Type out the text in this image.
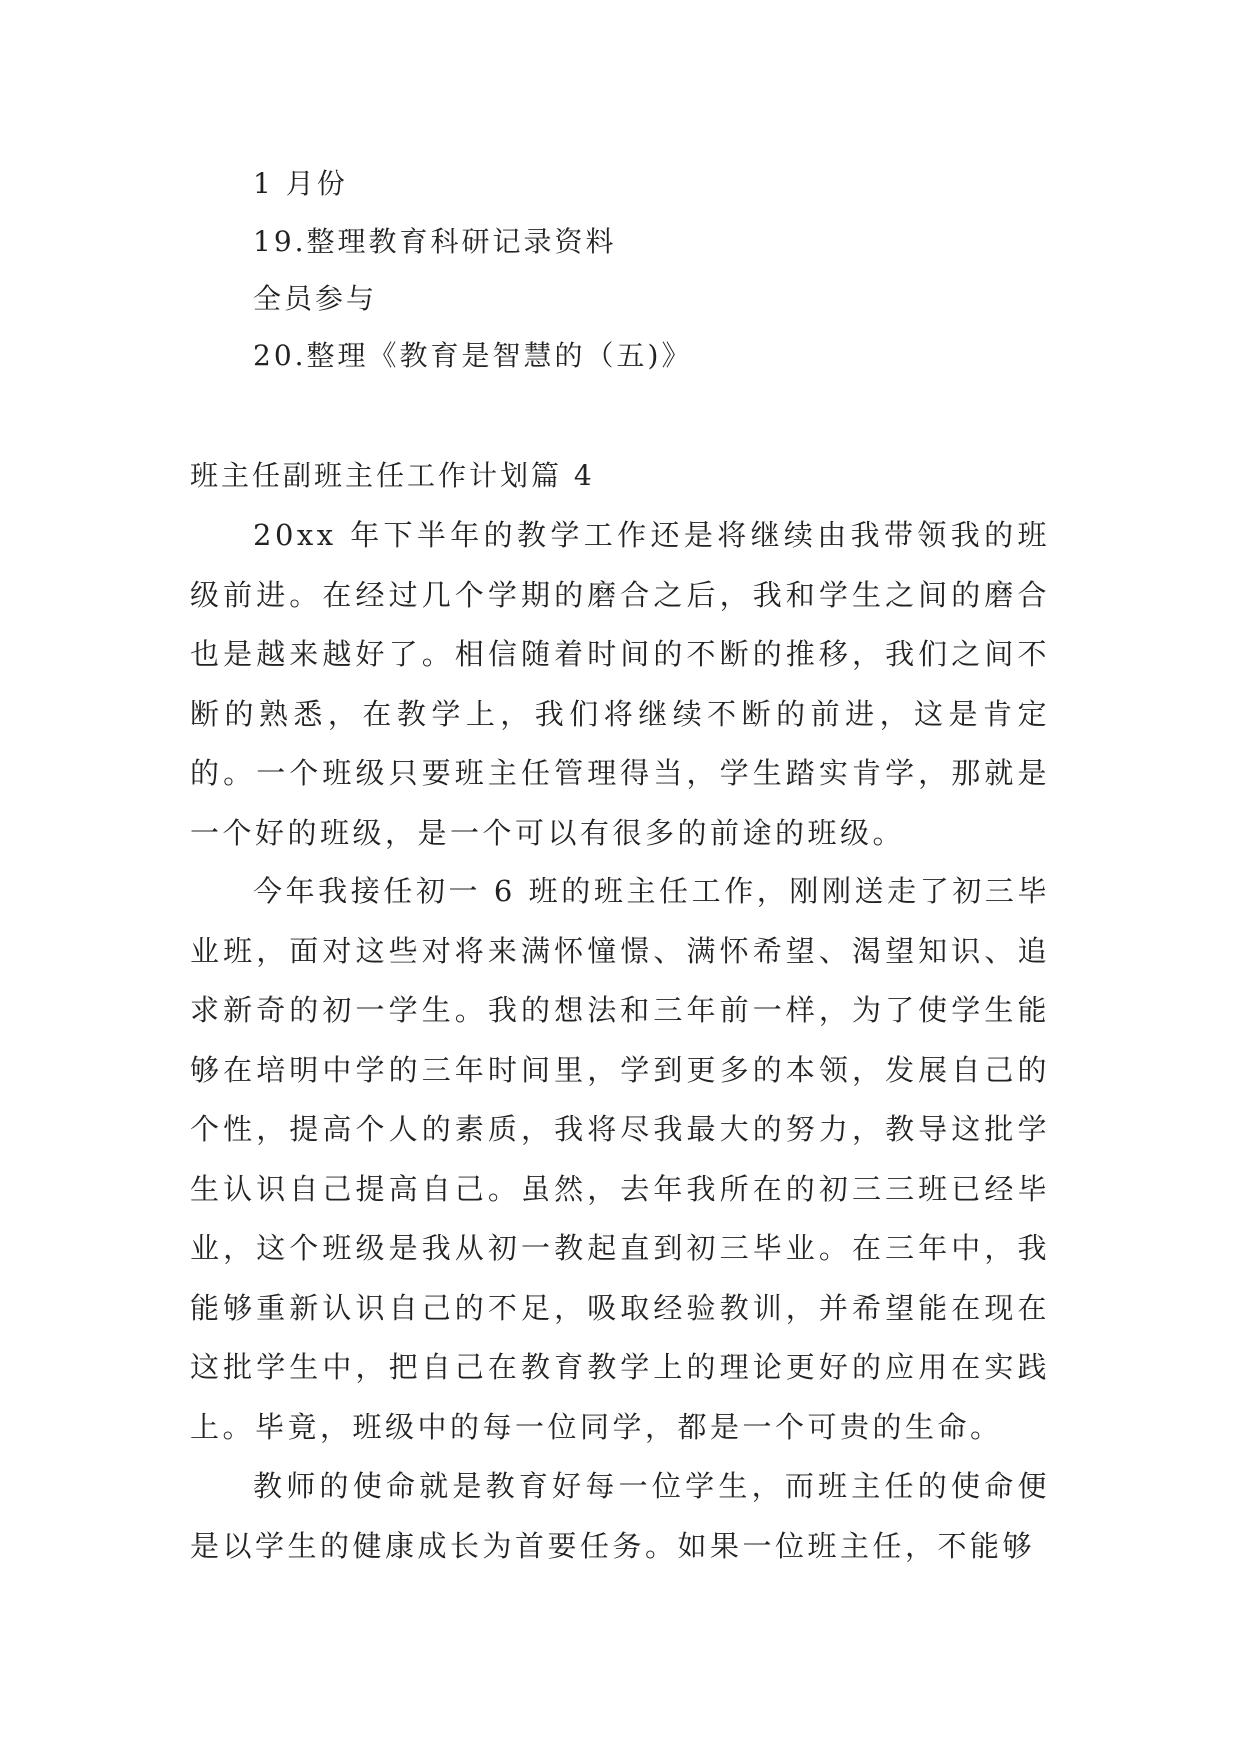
1 月份
19.整理教育科研记录资料
全员参与
20.整理《教育是智慧的（五)》
班主任副班主任工作计划篇 4

20xx 年下半年的教学工作还是将继续由我带领我的班级前进。在经过几个学期的磨合之后，我和学生之间的磨合也是越来越好了。相信随着时间的不断的推移，我们之间不断的熟悉，在教学上，我们将继续不断的前进，这是肯定的。一个班级只要班主任管理得当，学生踏实肯学，那就是一个好的班级，是一个可以有很多的前途的班级。

今年我接任初一 6 班的班主任工作，刚刚送走了初三毕业班，面对这些对将来满怀憧憬、满怀希望、渴望知识、追求新奇的初一学生。我的想法和三年前一样，为了使学生能够在培明中学的三年时间里，学到更多的本领，发展自己的个性，提高个人的素质，我将尽我最大的努力，教导这批学生认识自己提高自己。虽然，去年我所在的初三三班已经毕业，这个班级是我从初一教起直到初三毕业。在三年中，我能够重新认识自己的不足，吸取经验教训，并希望能在现在这批学生中，把自己在教育教学上的理论更好的应用在实践上。毕竟，班级中的每一位同学，都是一个可贵的生命。

教师的使命就是教育好每一位学生，而班主任的使命便是以学生的健康成长为首要任务。如果一位班主任，不能够
